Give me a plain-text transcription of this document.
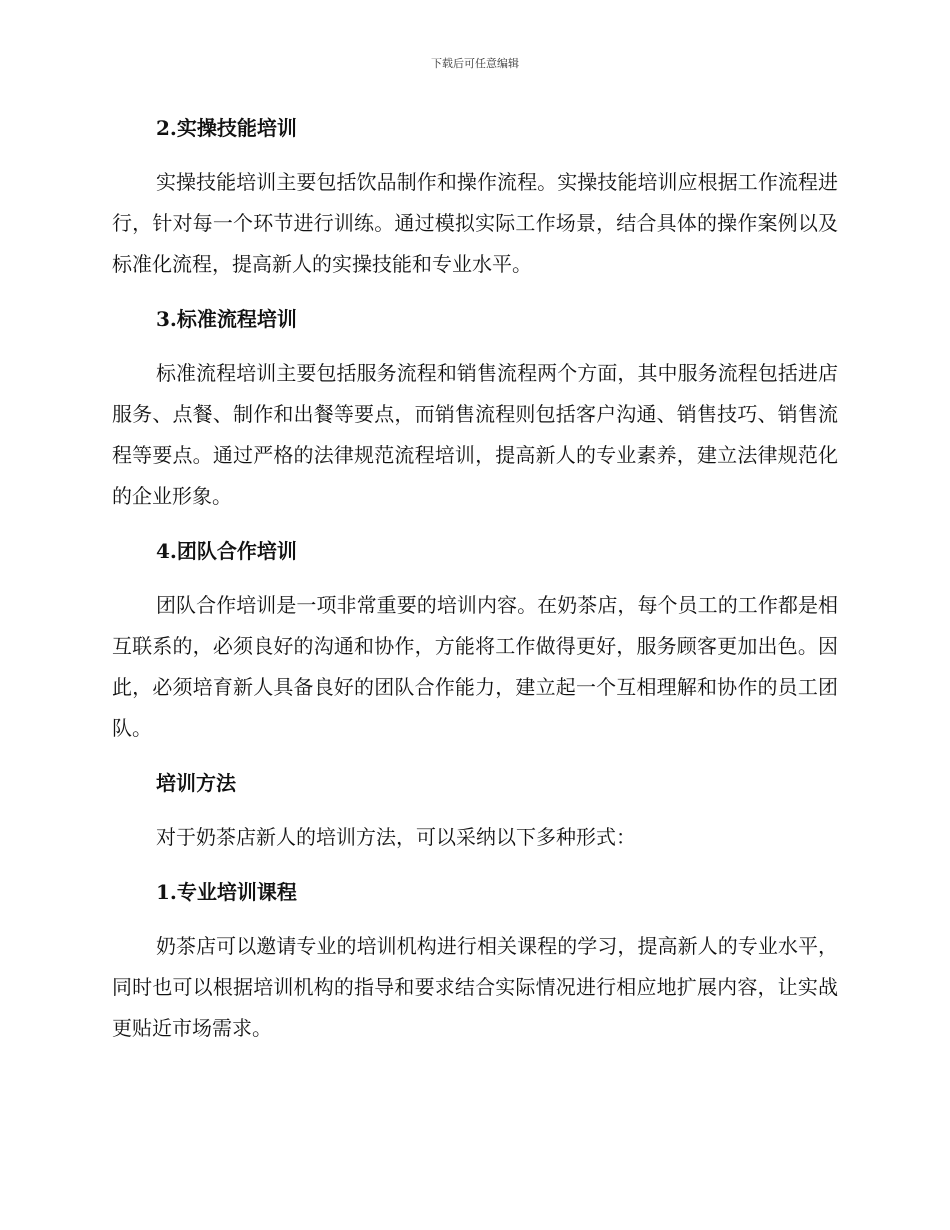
下载后可任意编辑
2.实操技能培训

实操技能培训主要包括饮品制作和操作流程。实操技能培训应根据工作流程进行，针对每一个环节进行训练。通过模拟实际工作场景，结合具体的操作案例以及标准化流程，提高新人的实操技能和专业水平。

3.标准流程培训

标准流程培训主要包括服务流程和销售流程两个方面，其中服务流程包括进店服务、点餐、制作和出餐等要点，而销售流程则包括客户沟通、销售技巧、销售流程等要点。通过严格的法律规范流程培训，提高新人的专业素养，建立法律规范化的企业形象。

4.团队合作培训

团队合作培训是一项非常重要的培训内容。在奶茶店，每个员工的工作都是相互联系的，必须良好的沟通和协作，方能将工作做得更好，服务顾客更加出色。因此，必须培育新人具备良好的团队合作能力，建立起一个互相理解和协作的员工团队。

培训方法

对于奶茶店新人的培训方法，可以采纳以下多种形式：

1.专业培训课程

奶茶店可以邀请专业的培训机构进行相关课程的学习，提高新人的专业水平，同时也可以根据培训机构的指导和要求结合实际情况进行相应地扩展内容，让实战更贴近市场需求。
